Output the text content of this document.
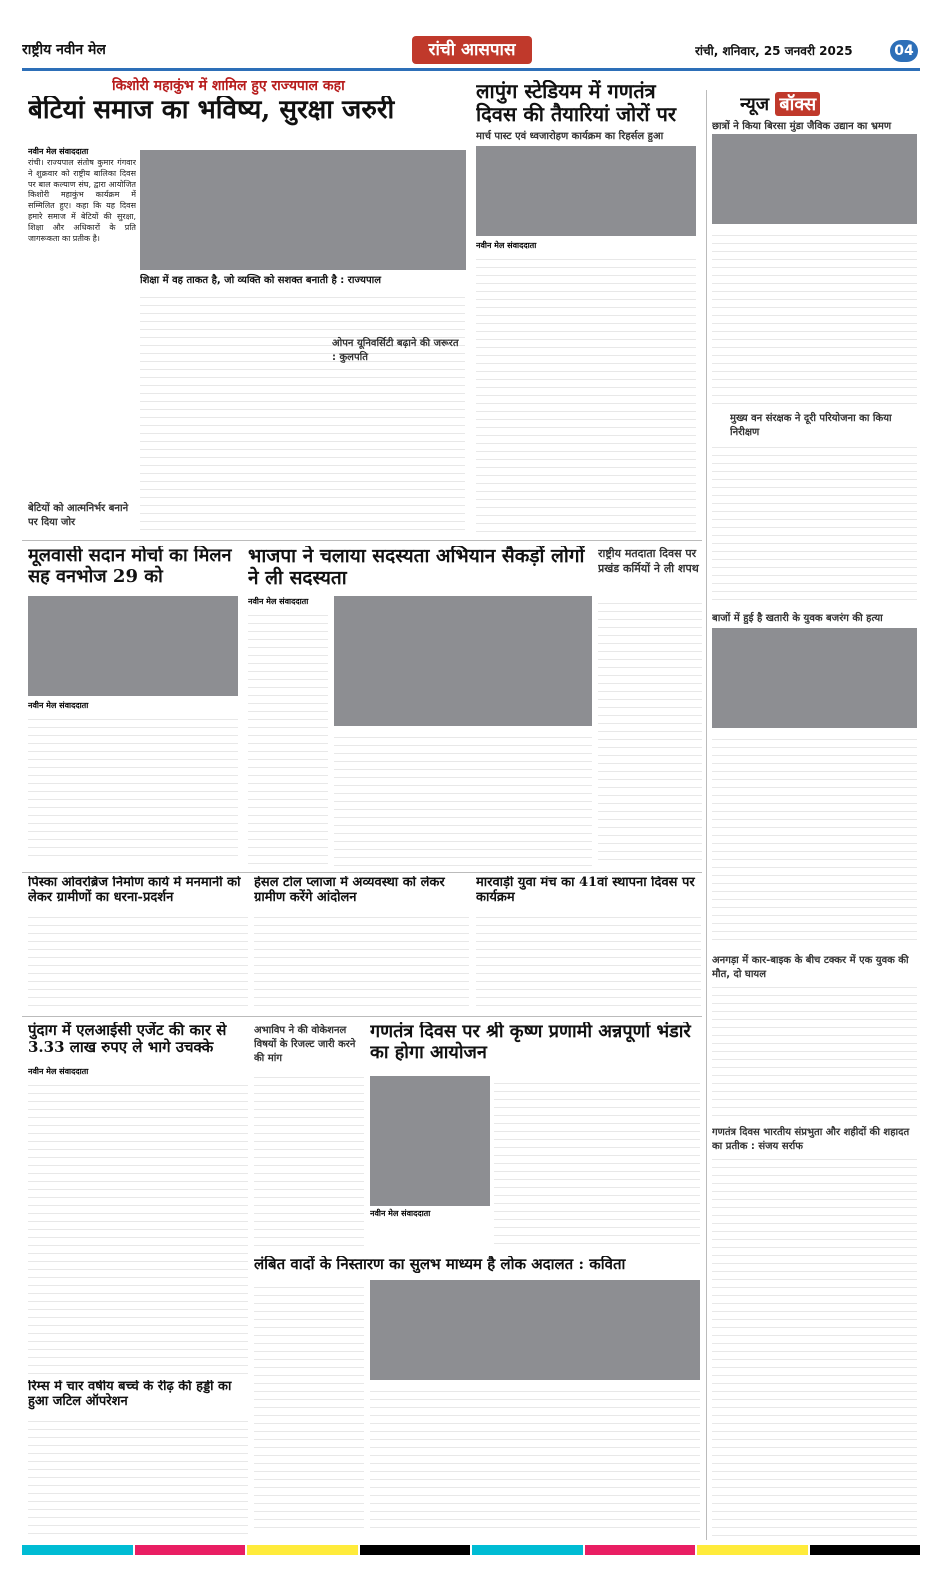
राष्ट्रीय नवीन मेल	रांची आसपास	रांची, शनिवार, 25 जनवरी 2025	04
किशोरी महाकुंभ में शामिल हुए राज्यपाल कहा
बेटियां समाज का भविष्य, सुरक्षा जरुरी
नवीन मेल संवाददाता
रांची। राज्यपाल संतोष कुमार गंगवार ने शुक्रवार को राष्ट्रीय बालिका दिवस पर बाल कल्याण संघ, द्वारा आयोजित किशोरी महाकुंभ कार्यक्रम में सम्मिलित हुए। कहा कि यह दिवस हमारे समाज में बेटियों की सुरक्षा, शिक्षा और अधिकारों के प्रति जागरूकता का प्रतीक है।
बेटियों को आत्मनिर्भर बनाने पर दिया जोर
शिक्षा में वह ताकत है, जो व्यक्ति को सशक्त बनाती है : राज्यपाल
ओपन यूनिवर्सिटी बढ़ाने की जरूरत : कुलपति
लापुंग स्टेडियम में गणतंत्र दिवस की तैयारियां जोरों पर
मार्च पास्ट एवं ध्वजारोहण कार्यक्रम का रिहर्सल हुआ
नवीन मेल संवाददाता
न्यूज बॉक्स
छात्रों ने किया बिरसा मुंडा जैविक उद्यान का भ्रमण
मुख्य वन संरक्षक ने दूरी परियोजना का किया निरीक्षण
बाजों में हुई है खतारी के युवक बजरंग की हत्या
अनगड़ा में कार-बाइक के बीच टक्कर में एक युवक की मौत, दो घायल
गणतंत्र दिवस भारतीय संप्रभुता और शहीदों की शहादत का प्रतीक : संजय सर्राफ
मूलवासी सदान मोर्चा का मिलन सह वनभोज 29 को
नवीन मेल संवाददाता
भाजपा ने चलाया सदस्यता अभियान सैकड़ों लोगों ने ली सदस्यता
नवीन मेल संवाददाता
राष्ट्रीय मतदाता दिवस पर प्रखंड कर्मियों ने ली शपथ
पिस्का ओवरब्रिज निर्माण कार्य में मनमानी को लेकर ग्रामीणों का धरना-प्रदर्शन
हेसल टोल प्लाजा में अव्यवस्था को लेकर ग्रामीण करेंगे आंदोलन
मारवाड़ी युवा मंच का 41वां स्थापना दिवस पर कार्यक्रम
पुंदाग में एलआईसी एजेंट की कार से 3.33 लाख रुपए ले भागे उचक्के
नवीन मेल संवाददाता
अभाविप ने की वोकेशनल विषयों के रिजल्ट जारी करने की मांग
गणतंत्र दिवस पर श्री कृष्ण प्रणामी अन्नपूर्णा भंडारे का होगा आयोजन
नवीन मेल संवाददाता
लंबित वादों के निस्तारण का सुलभ माध्यम है लोक अदालत : कविता
रिम्स में चार वर्षीय बच्चे के रीढ़ की हड्डी का हुआ जटिल ऑपरेशन
